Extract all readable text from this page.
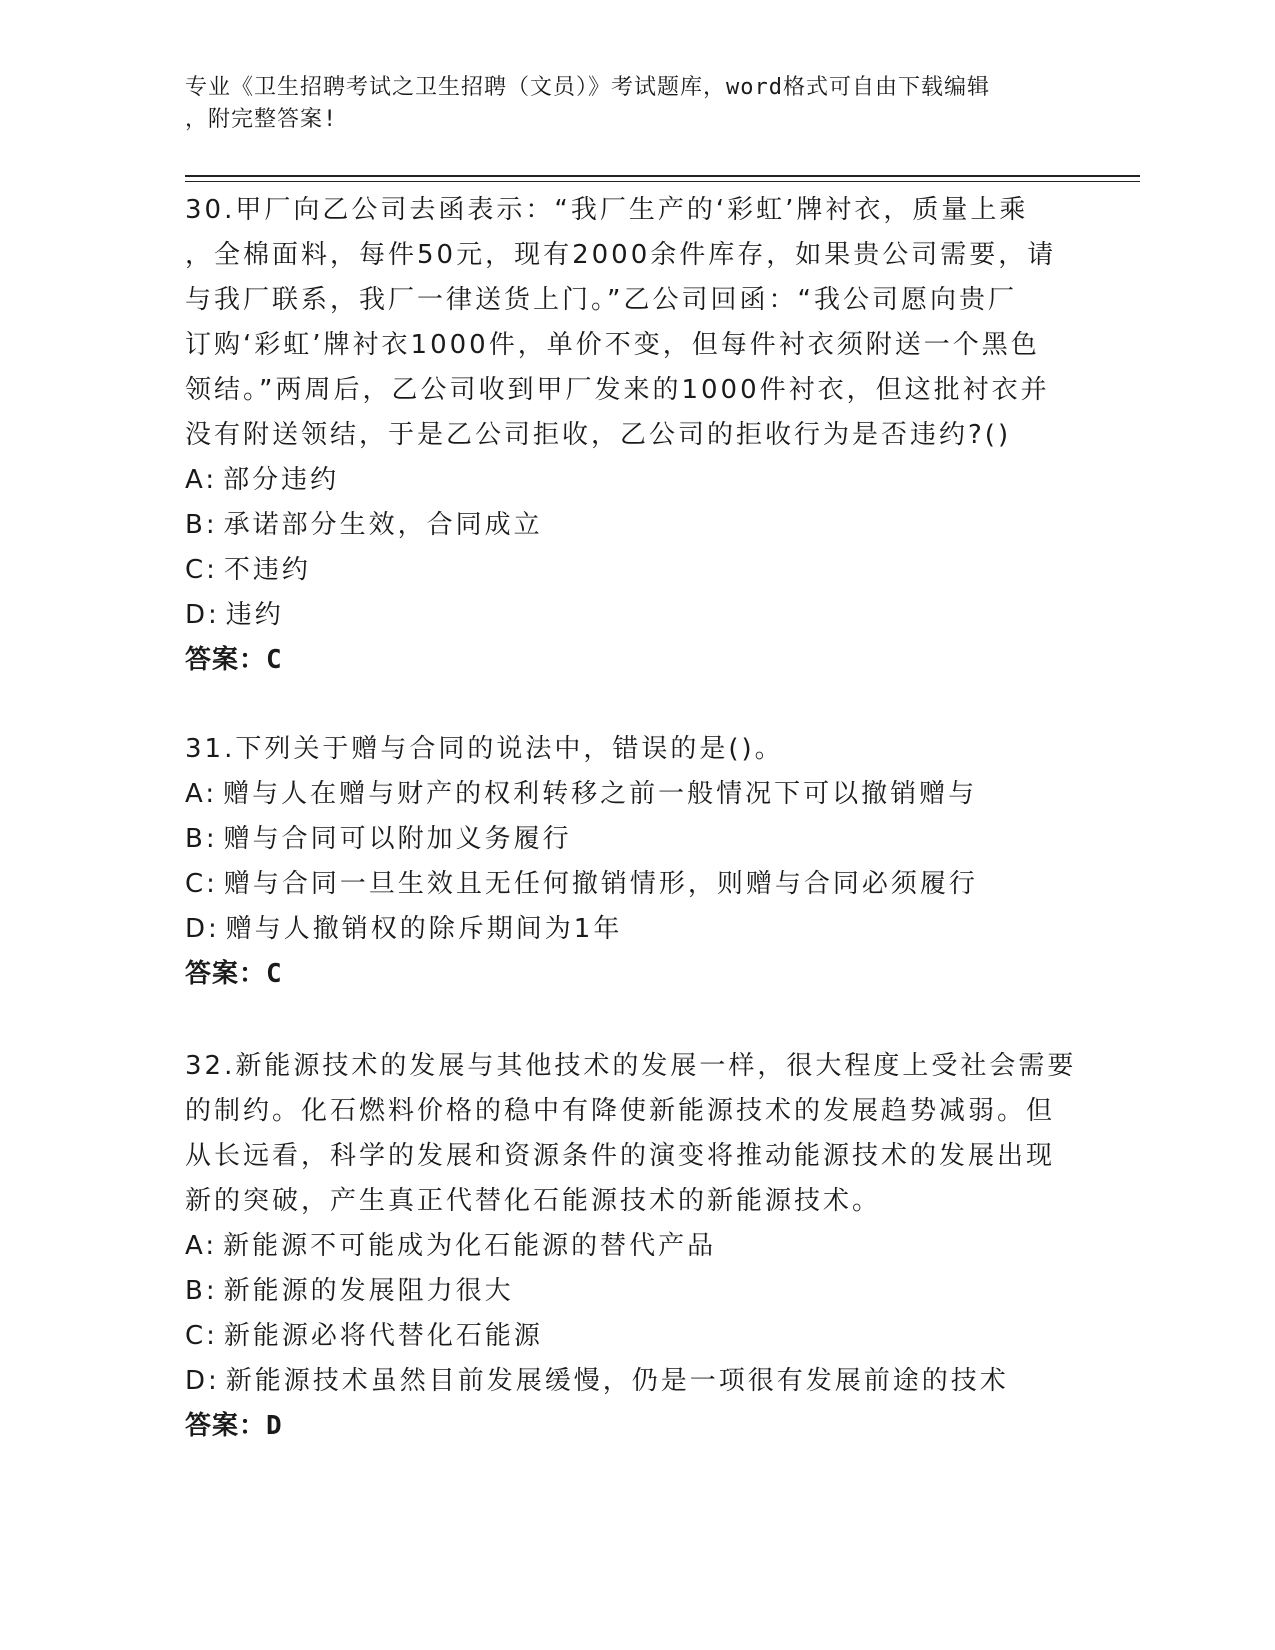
专业《卫生招聘考试之卫生招聘（文员）》考试题库，word格式可自由下载编辑
，附完整答案!
30.甲厂向乙公司去函表示：“我厂生产的‘彩虹’牌衬衣，质量上乘
，全棉面料，每件50元，现有2000余件库存，如果贵公司需要，请
与我厂联系，我厂一律送货上门。”乙公司回函：“我公司愿向贵厂
订购‘彩虹’牌衬衣1000件，单价不变，但每件衬衣须附送一个黑色
领结。”两周后，乙公司收到甲厂发来的1000件衬衣，但这批衬衣并
没有附送领结，于是乙公司拒收，乙公司的拒收行为是否违约?()
A: 部分违约
B: 承诺部分生效，合同成立
C: 不违约
D: 违约
答案：C
31.下列关于赠与合同的说法中，错误的是()。
A: 赠与人在赠与财产的权利转移之前一般情况下可以撤销赠与
B: 赠与合同可以附加义务履行
C: 赠与合同一旦生效且无任何撤销情形，则赠与合同必须履行
D: 赠与人撤销权的除斥期间为1年
答案：C
32.新能源技术的发展与其他技术的发展一样，很大程度上受社会需要
的制约。化石燃料价格的稳中有降使新能源技术的发展趋势减弱。但
从长远看，科学的发展和资源条件的演变将推动能源技术的发展出现
新的突破，产生真正代替化石能源技术的新能源技术。
A: 新能源不可能成为化石能源的替代产品
B: 新能源的发展阻力很大
C: 新能源必将代替化石能源
D: 新能源技术虽然目前发展缓慢，仍是一项很有发展前途的技术
答案：D
